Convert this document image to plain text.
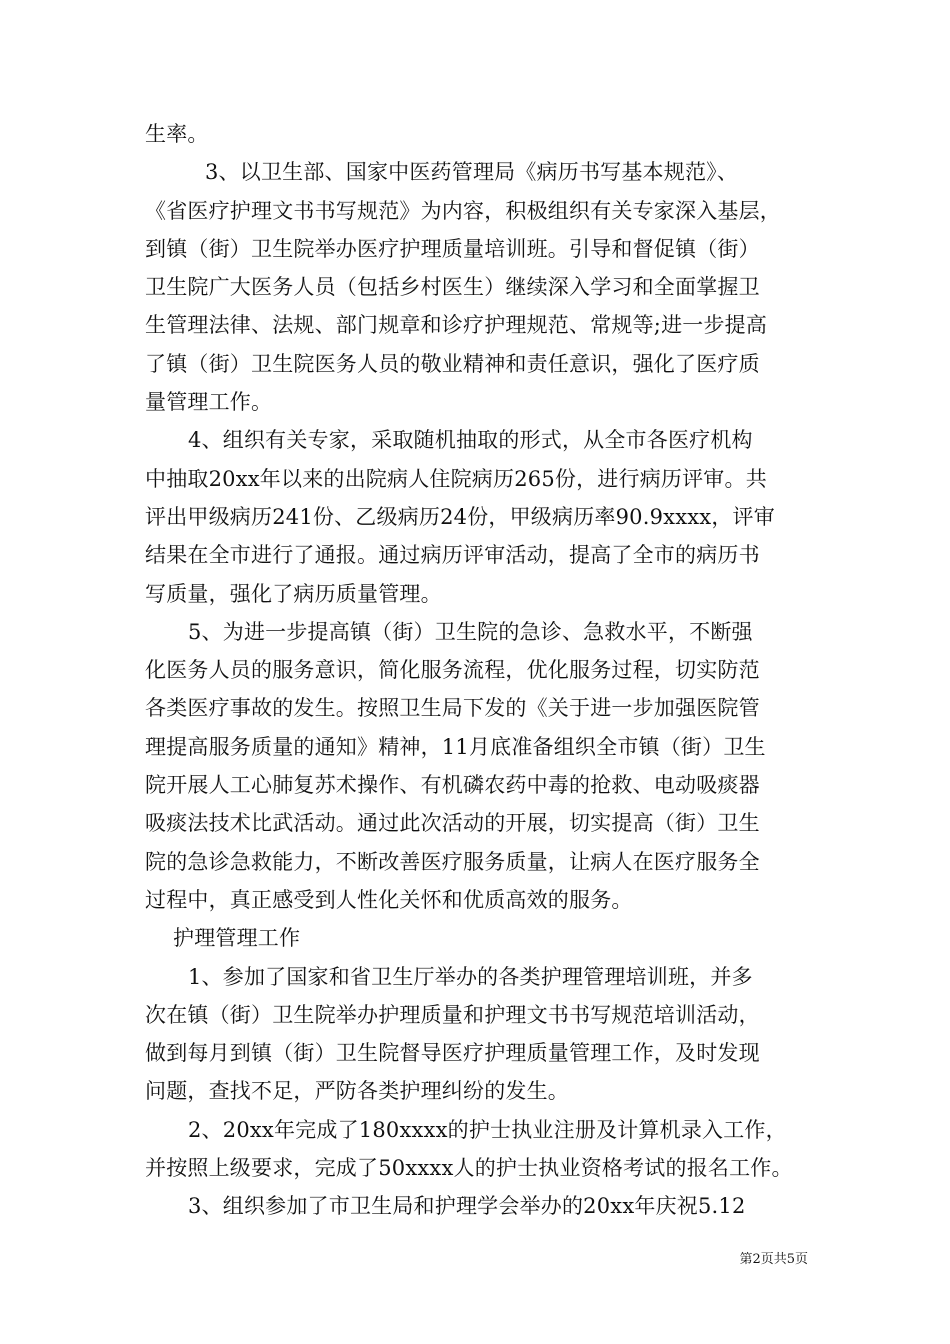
生率。
3、以卫生部、国家中医药管理局《病历书写基本规范》、
《省医疗护理文书书写规范》为内容，积极组织有关专家深入基层，
到镇（街）卫生院举办医疗护理质量培训班。引导和督促镇（街）
卫生院广大医务人员（包括乡村医生）继续深入学习和全面掌握卫
生管理法律、法规、部门规章和诊疗护理规范、常规等;进一步提高
了镇（街）卫生院医务人员的敬业精神和责任意识，强化了医疗质
量管理工作。
4、组织有关专家，采取随机抽取的形式，从全市各医疗机构
中抽取20xx年以来的出院病人住院病历265份，进行病历评审。共
评出甲级病历241份、乙级病历24份，甲级病历率90.9xxxx，评审
结果在全市进行了通报。通过病历评审活动，提高了全市的病历书
写质量，强化了病历质量管理。
5、为进一步提高镇（街）卫生院的急诊、急救水平，不断强
化医务人员的服务意识，简化服务流程，优化服务过程，切实防范
各类医疗事故的发生。按照卫生局下发的《关于进一步加强医院管
理提高服务质量的通知》精神，11月底准备组织全市镇（街）卫生
院开展人工心肺复苏术操作、有机磷农药中毒的抢救、电动吸痰器
吸痰法技术比武活动。通过此次活动的开展，切实提高（街）卫生
院的急诊急救能力，不断改善医疗服务质量，让病人在医疗服务全
过程中，真正感受到人性化关怀和优质高效的服务。
护理管理工作
1、参加了国家和省卫生厅举办的各类护理管理培训班，并多
次在镇（街）卫生院举办护理质量和护理文书书写规范培训活动，
做到每月到镇（街）卫生院督导医疗护理质量管理工作，及时发现
问题，查找不足，严防各类护理纠纷的发生。
2、20xx年完成了180xxxx的护士执业注册及计算机录入工作，
并按照上级要求，完成了50xxxx人的护士执业资格考试的报名工作。
3、组织参加了市卫生局和护理学会举办的20xx年庆祝5.12
第2页共5页
